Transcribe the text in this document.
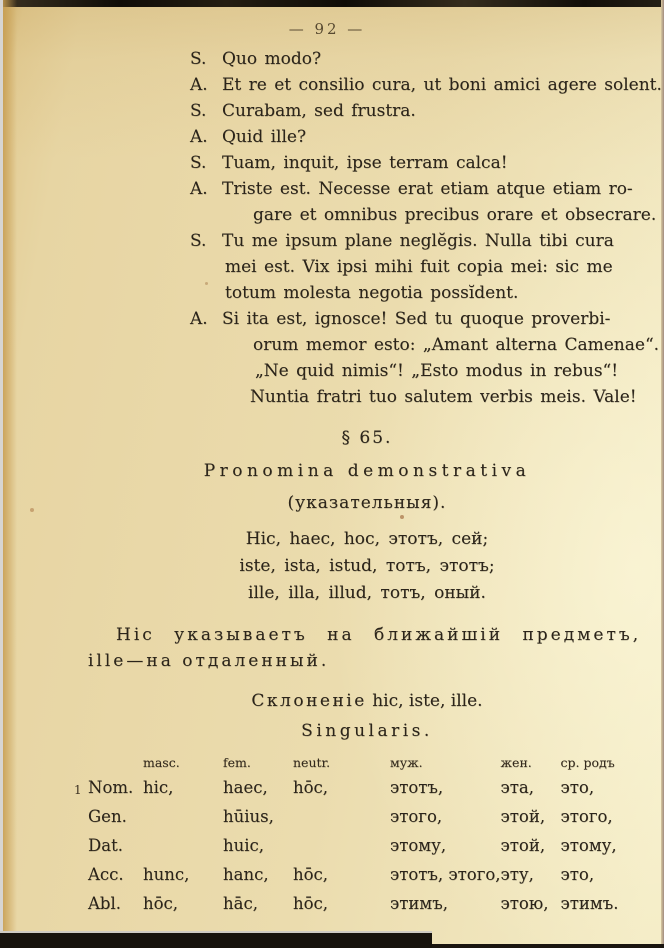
— 92 —
S. Quo modo?
A. Et re et consilio cura, ut boni amici agere solent.
S. Curabam, sed frustra.
A. Quid ille?
S. Tuam, inquit, ipse terram calca!
A. Triste est. Necesse erat etiam atque etiam ro-
gare et omnibus precibus orare et obsecrare.
S. Tu me ipsum plane neglĕgis. Nulla tibi cura
mei est. Vix ipsi mihi fuit copia mei: sic me
totum molesta negotia possĭdent.
A. Si ita est, ignosce! Sed tu quoque proverbi-
orum memor esto: „Amant alterna Camenae“.
„Ne quid nimis“! „Esto modus in rebus“!
Nuntia fratri tuo salutem verbis meis. Vale!
§ 65.
Pronomina demonstrativa
(указательныя).
Hic, haec, hoc, этотъ, сей;
iste, ista, istud, тотъ, этотъ;
ille, illa, illud, тотъ, оный.
Hic указываетъ на ближайшій предметъ,
ille—на отдаленный.
Склоненіе hic, iste, ille.
Singularis.
	masc.	fem.	neutr.	муж.	жен.	ср. родъ
Nom.	hic,	haec,	hōc,	этотъ,	эта,	это,
Gen.		hūius,		этого,	этой,	этого,
Dat.		huic,		этому,	этой,	этому,
Acc.	hunc,	hanc,	hōc,	этотъ, этого,	эту,	это,
Abl.	hōc,	hāc,	hōc,	этимъ,	этою,	этимъ.
1
